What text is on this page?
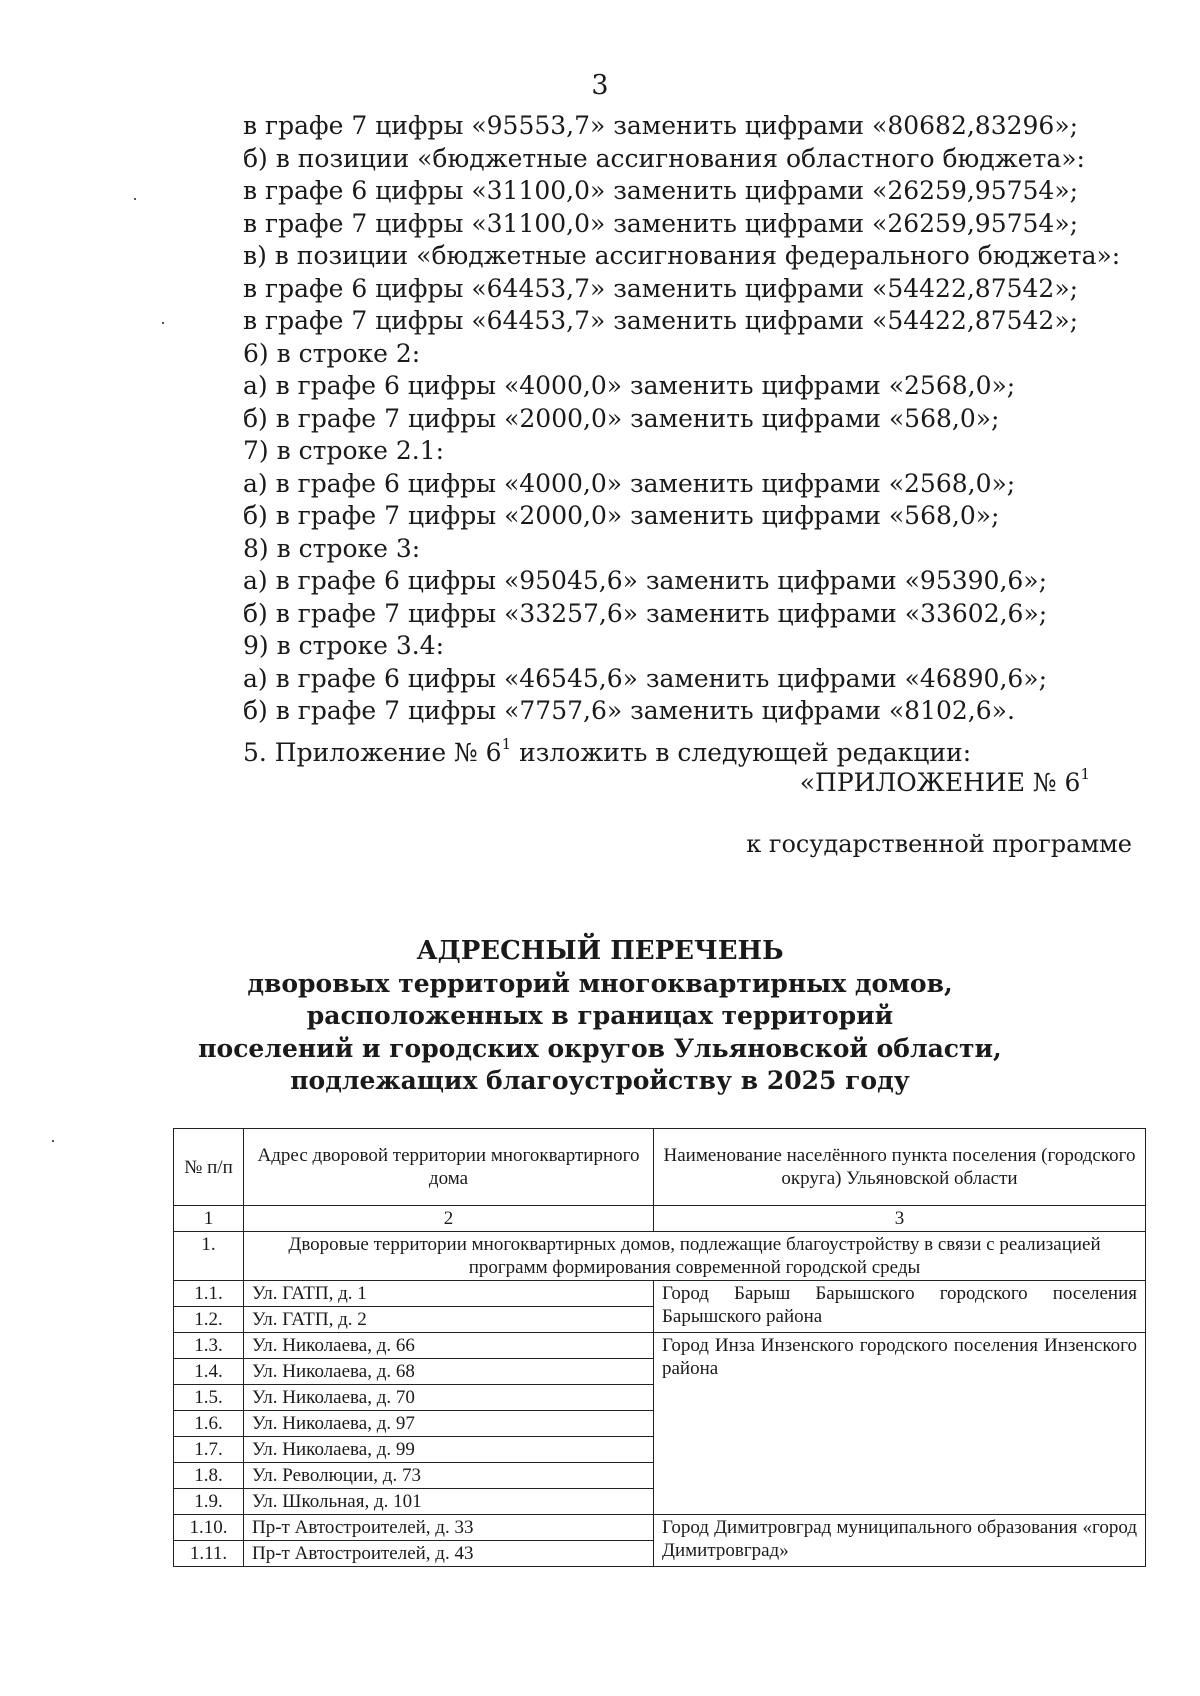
3
в графе 7 цифры «95553,7» заменить цифрами «80682,83296»;
б) в позиции «бюджетные ассигнования областного бюджета»:
в графе 6 цифры «31100,0» заменить цифрами «26259,95754»;
в графе 7 цифры «31100,0» заменить цифрами «26259,95754»;
в) в позиции «бюджетные ассигнования федерального бюджета»:
в графе 6 цифры «64453,7» заменить цифрами «54422,87542»;
в графе 7 цифры «64453,7» заменить цифрами «54422,87542»;
6) в строке 2:
а) в графе 6 цифры «4000,0» заменить цифрами «2568,0»;
б) в графе 7 цифры «2000,0» заменить цифрами «568,0»;
7) в строке 2.1:
а) в графе 6 цифры «4000,0» заменить цифрами «2568,0»;
б) в графе 7 цифры «2000,0» заменить цифрами «568,0»;
8) в строке 3:
а) в графе 6 цифры «95045,6» заменить цифрами «95390,6»;
б) в графе 7 цифры «33257,6» заменить цифрами «33602,6»;
9) в строке 3.4:
а) в графе 6 цифры «46545,6» заменить цифрами «46890,6»;
б) в графе 7 цифры «7757,6» заменить цифрами «8102,6».
5. Приложение № $6^1$ изложить в следующей редакции:
«ПРИЛОЖЕНИЕ № $6^1$
к государственной программе
АДРЕСНЫЙ ПЕРЕЧЕНЬ
дворовых территорий многоквартирных домов,
расположенных в границах территорий
поселений и городских округов Ульяновской области,
подлежащих благоустройству в 2025 году
№ п/п	Адрес дворовой территории многоквартирного дома	Наименование населённого пункта поселения (городского округа) Ульяновской области
1	2	3
1.	Дворовые территории многоквартирных домов, подлежащие благоустройству в связи с реализацией программ формирования современной городской среды	
1.1.	Ул. ГАТП, д. 1	Город Барыш Барышского городского поселения Барышского района
1.2.	Ул. ГАТП, д. 2	
1.3.	Ул. Николаева, д. 66	Город Инза Инзенского городского поселения Инзенского района
1.4.	Ул. Николаева, д. 68	
1.5.	Ул. Николаева, д. 70	
1.6.	Ул. Николаева, д. 97	
1.7.	Ул. Николаева, д. 99	
1.8.	Ул. Революции, д. 73	
1.9.	Ул. Школьная, д. 101	
1.10.	Пр-т Автостроителей, д. 33	Город Димитровград муниципального образования «город Димитровград»
1.11.	Пр-т Автостроителей, д. 43	
